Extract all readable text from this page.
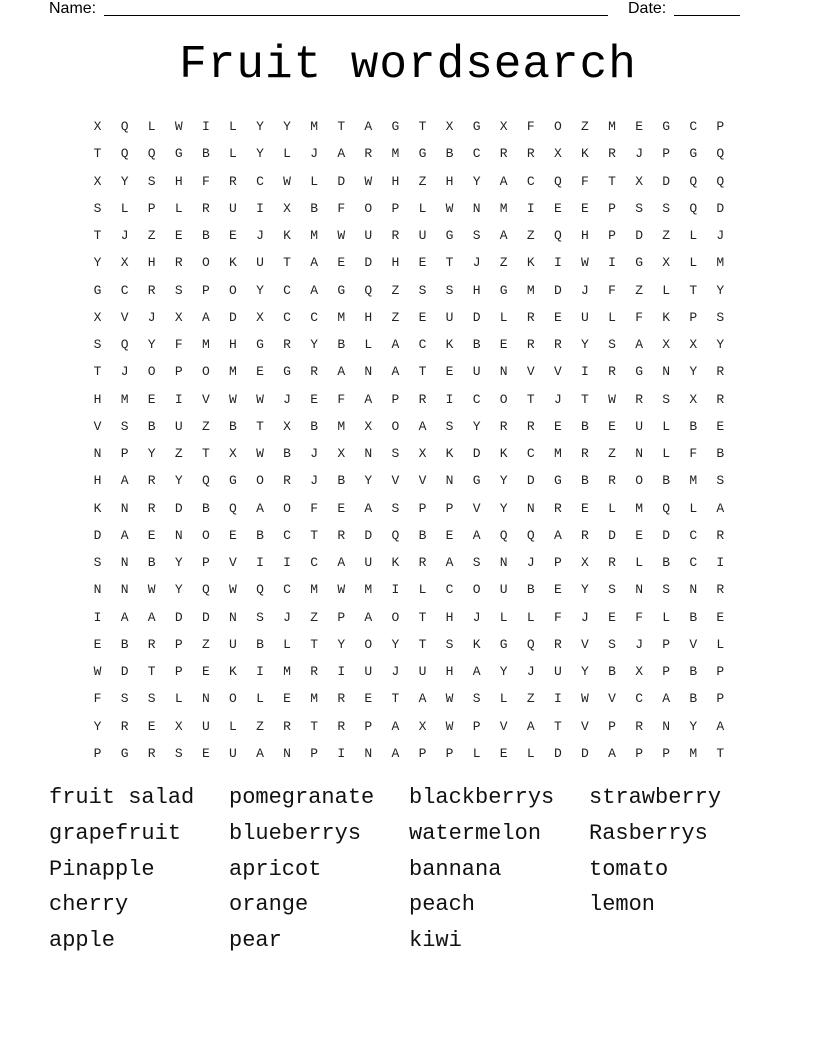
Name:	Date:
Fruit wordsearch
X	Q	L	W	I	L	Y	Y	M	T	A	G	T	X	G	X	F	O	Z	M	E	G	C	P
T	Q	Q	G	B	L	Y	L	J	A	R	M	G	B	C	R	R	X	K	R	J	P	G	Q
X	Y	S	H	F	R	C	W	L	D	W	H	Z	H	Y	A	C	Q	F	T	X	D	Q	Q
S	L	P	L	R	U	I	X	B	F	O	P	L	W	N	M	I	E	E	P	S	S	Q	D
T	J	Z	E	B	E	J	K	M	W	U	R	U	G	S	A	Z	Q	H	P	D	Z	L	J
Y	X	H	R	O	K	U	T	A	E	D	H	E	T	J	Z	K	I	W	I	G	X	L	M
G	C	R	S	P	O	Y	C	A	G	Q	Z	S	S	H	G	M	D	J	F	Z	L	T	Y
X	V	J	X	A	D	X	C	C	M	H	Z	E	U	D	L	R	E	U	L	F	K	P	S
S	Q	Y	F	M	H	G	R	Y	B	L	A	C	K	B	E	R	R	Y	S	A	X	X	Y
T	J	O	P	O	M	E	G	R	A	N	A	T	E	U	N	V	V	I	R	G	N	Y	R
H	M	E	I	V	W	W	J	E	F	A	P	R	I	C	O	T	J	T	W	R	S	X	R
V	S	B	U	Z	B	T	X	B	M	X	O	A	S	Y	R	R	E	B	E	U	L	B	E
N	P	Y	Z	T	X	W	B	J	X	N	S	X	K	D	K	C	M	R	Z	N	L	F	B
H	A	R	Y	Q	G	O	R	J	B	Y	V	V	N	G	Y	D	G	B	R	O	B	M	S
K	N	R	D	B	Q	A	O	F	E	A	S	P	P	V	Y	N	R	E	L	M	Q	L	A
D	A	E	N	O	E	B	C	T	R	D	Q	B	E	A	Q	Q	A	R	D	E	D	C	R
S	N	B	Y	P	V	I	I	C	A	U	K	R	A	S	N	J	P	X	R	L	B	C	I
N	N	W	Y	Q	W	Q	C	M	W	M	I	L	C	O	U	B	E	Y	S	N	S	N	R
I	A	A	D	D	N	S	J	Z	P	A	O	T	H	J	L	L	F	J	E	F	L	B	E
E	B	R	P	Z	U	B	L	T	Y	O	Y	T	S	K	G	Q	R	V	S	J	P	V	L
W	D	T	P	E	K	I	M	R	I	U	J	U	H	A	Y	J	U	Y	B	X	P	B	P
F	S	S	L	N	O	L	E	M	R	E	T	A	W	S	L	Z	I	W	V	C	A	B	P
Y	R	E	X	U	L	Z	R	T	R	P	A	X	W	P	V	A	T	V	P	R	N	Y	A
P	G	R	S	E	U	A	N	P	I	N	A	P	P	L	E	L	D	D	A	P	P	M	T
fruit salad	pomegranate	blackberrys	strawberry
grapefruit	blueberrys	watermelon	Rasberrys
Pinapple	apricot	bannana	tomato
cherry	orange	peach	lemon
apple	pear	kiwi
